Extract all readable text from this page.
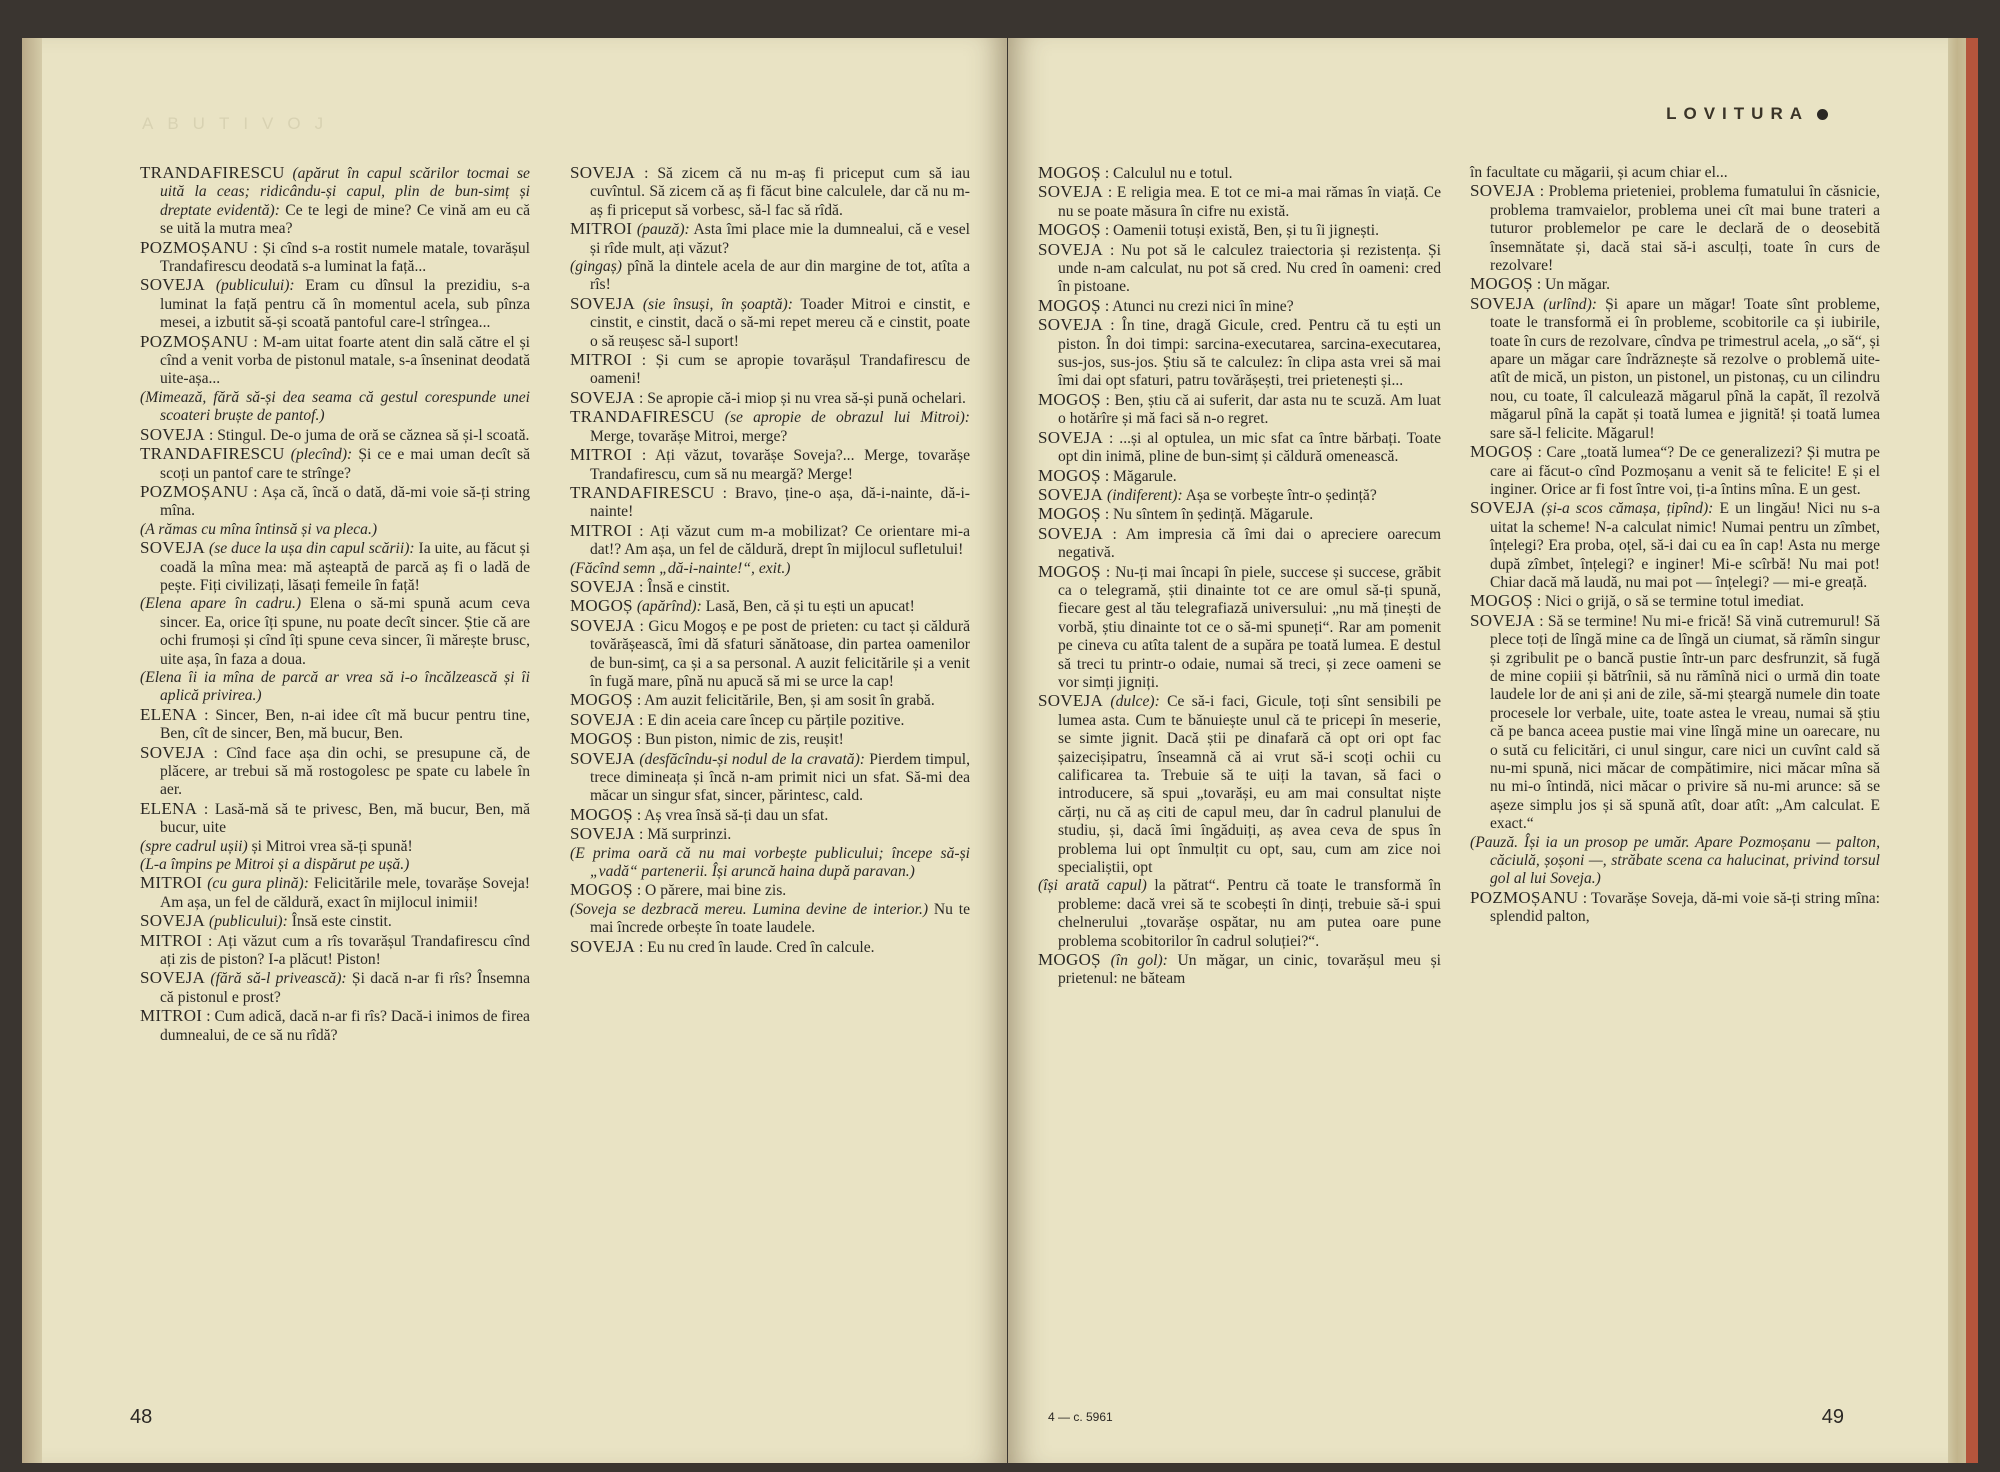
ABUTIVOJ

TRANDAFIRESCU (apărut în capul scărilor tocmai se uită la ceas; ridicându-și capul, plin de bun-simț și dreptate evidentă): Ce te legi de mine? Ce vină am eu că se uită la mutra mea?

POZMOȘANU : Și cînd s-a rostit numele matale, tovarășul Trandafirescu deodată s-a luminat la față...

SOVEJA (publicului): Eram cu dînsul la prezidiu, s-a luminat la față pentru că în momentul acela, sub pînza mesei, a izbutit să-și scoată pantoful care-l strîngea...

POZMOȘANU : M-am uitat foarte atent din sală către el și cînd a venit vorba de pistonul matale, s-a înseninat deodată uite-așa...

(Mimează, fără să-și dea seama că gestul corespunde unei scoateri bruște de pantof.)

SOVEJA : Stingul. De-o juma de oră se căznea să și-l scoată.

TRANDAFIRESCU (plecînd): Și ce e mai uman decît să scoți un pantof care te strînge?

POZMOȘANU : Așa că, încă o dată, dă-mi voie să-ți string mîna.

(A rămas cu mîna întinsă și va pleca.)

SOVEJA (se duce la ușa din capul scării): Ia uite, au făcut și coadă la mîna mea: mă așteaptă de parcă aș fi o ladă de pește. Fiți civilizați, lăsați femeile în față!

(Elena apare în cadru.) Elena o să-mi spună acum ceva sincer. Ea, orice îți spune, nu poate decît sincer. Știe că are ochi frumoși și cînd îți spune ceva sincer, îi mărește brusc, uite așa, în faza a doua.

(Elena îi ia mîna de parcă ar vrea să i-o încălzească și îi aplică privirea.)

ELENA : Sincer, Ben, n-ai idee cît mă bucur pentru tine, Ben, cît de sincer, Ben, mă bucur, Ben.

SOVEJA : Cînd face așa din ochi, se presupune că, de plăcere, ar trebui să mă rostogolesc pe spate cu labele în aer.

ELENA : Lasă-mă să te privesc, Ben, mă bucur, Ben, mă bucur, uite

(spre cadrul ușii) și Mitroi vrea să-ți spună!

(L-a împins pe Mitroi și a dispărut pe ușă.)

MITROI (cu gura plină): Felicitările mele, tovarășe Soveja! Am așa, un fel de căldură, exact în mijlocul inimii!

SOVEJA (publicului): Însă este cinstit.

MITROI : Ați văzut cum a rîs tovarășul Trandafirescu cînd ați zis de piston? I-a plăcut! Piston!

SOVEJA (fără să-l privească): Și dacă n-ar fi rîs? Însemna că pistonul e prost?

MITROI : Cum adică, dacă n-ar fi rîs? Dacă-i inimos de firea dumnealui, de ce să nu rîdă?

SOVEJA : Să zicem că nu m-aș fi priceput cum să iau cuvîntul. Să zicem că aș fi făcut bine calculele, dar că nu m-aș fi priceput să vorbesc, să-l fac să rîdă.

MITROI (pauză): Asta îmi place mie la dumnealui, că e vesel și rîde mult, ați văzut?

(gingaș) pînă la dintele acela de aur din margine de tot, atîta a rîs!

SOVEJA (sie însuși, în șoaptă): Toader Mitroi e cinstit, e cinstit, e cinstit, dacă o să-mi repet mereu că e cinstit, poate o să reușesc să-l suport!

MITROI : Și cum se apropie tovarășul Trandafirescu de oameni!

SOVEJA : Se apropie că-i miop și nu vrea să-și pună ochelari.

TRANDAFIRESCU (se apropie de obrazul lui Mitroi): Merge, tovarășe Mitroi, merge?

MITROI : Ați văzut, tovarășe Soveja?... Merge, tovarășe Trandafirescu, cum să nu meargă? Merge!

TRANDAFIRESCU : Bravo, ține-o așa, dă-i-nainte, dă-i-nainte!

MITROI : Ați văzut cum m-a mobilizat? Ce orientare mi-a dat!? Am așa, un fel de căldură, drept în mijlocul sufletului!

(Făcînd semn „dă-i-nainte!“, exit.)

SOVEJA : Însă e cinstit.

MOGOȘ (apărînd): Lasă, Ben, că și tu ești un apucat!

SOVEJA : Gicu Mogoș e pe post de prieten: cu tact și căldură tovărășească, îmi dă sfaturi sănătoase, din partea oamenilor de bun-simț, ca și a sa personal. A auzit felicitările și a venit în fugă mare, pînă nu apucă să mi se urce la cap!

MOGOȘ : Am auzit felicitările, Ben, și am sosit în grabă.

SOVEJA : E din aceia care încep cu părțile pozitive.

MOGOȘ : Bun piston, nimic de zis, reușit!

SOVEJA (desfăcîndu-și nodul de la cravată): Pierdem timpul, trece dimineața și încă n-am primit nici un sfat. Să-mi dea măcar un singur sfat, sincer, părintesc, cald.

MOGOȘ : Aș vrea însă să-ți dau un sfat.

SOVEJA : Mă surprinzi.

(E prima oară că nu mai vorbește publicului; începe să-și „vadă“ partenerii. Își aruncă haina după paravan.)

MOGOȘ : O părere, mai bine zis.

(Soveja se dezbracă mereu. Lumina devine de interior.) Nu te mai încrede orbește în toate laudele.

SOVEJA : Eu nu cred în laude. Cred în calcule.

48
LOVITURA

MOGOȘ : Calculul nu e totul.

SOVEJA : E religia mea. E tot ce mi-a mai rămas în viață. Ce nu se poate măsura în cifre nu există.

MOGOȘ : Oamenii totuși există, Ben, și tu îi jignești.

SOVEJA : Nu pot să le calculez traiectoria și rezistența. Și unde n-am calculat, nu pot să cred. Nu cred în oameni: cred în pistoane.

MOGOȘ : Atunci nu crezi nici în mine?

SOVEJA : În tine, dragă Gicule, cred. Pentru că tu ești un piston. În doi timpi: sarcina-executarea, sarcina-executarea, sus-jos, sus-jos. Știu să te calculez: în clipa asta vrei să mai îmi dai opt sfaturi, patru tovărășești, trei prietenești și...

MOGOȘ : Ben, știu că ai suferit, dar asta nu te scuză. Am luat o hotărîre și mă faci să n-o regret.

SOVEJA : ...și al optulea, un mic sfat ca între bărbați. Toate opt din inimă, pline de bun-simț și căldură omenească.

MOGOȘ : Măgarule.

SOVEJA (indiferent): Așa se vorbește într-o ședință?

MOGOȘ : Nu sîntem în ședință. Măgarule.

SOVEJA : Am impresia că îmi dai o apreciere oarecum negativă.

MOGOȘ : Nu-ți mai încapi în piele, succese și succese, grăbit ca o telegramă, știi dinainte tot ce are omul să-ți spună, fiecare gest al tău telegrafiază universului: „nu mă ținești de vorbă, știu dinainte tot ce o să-mi spuneți“. Rar am pomenit pe cineva cu atîta talent de a supăra pe toată lumea. E destul să treci tu printr-o odaie, numai să treci, și zece oameni se vor simți jigniți.

SOVEJA (dulce): Ce să-i faci, Gicule, toți sînt sensibili pe lumea asta. Cum te bănuiește unul că te pricepi în meserie, se simte jignit. Dacă știi pe dinafară că opt ori opt fac șaizecișipatru, înseamnă că ai vrut să-i scoți ochii cu calificarea ta. Trebuie să te uiți la tavan, să faci o introducere, să spui „tovarăși, eu am mai consultat niște cărți, nu că aș citi de capul meu, dar în cadrul planului de studiu, și, dacă îmi îngăduiți, aș avea ceva de spus în problema lui opt înmulțit cu opt, sau, cum am zice noi specialiștii, opt

(își arată capul) la pătrat“. Pentru că toate le transformă în probleme: dacă vrei să te scobești în dinți, trebuie să-i spui chelnerului „tovarășe ospătar, nu am putea oare pune problema scobitorilor în cadrul soluției?“.

MOGOȘ (în gol): Un măgar, un cinic, tovarășul meu și prietenul: ne băteam

în facultate cu măgarii, și acum chiar el...

SOVEJA : Problema prieteniei, problema fumatului în căsnicie, problema tramvaielor, problema unei cît mai bune trateri a tuturor problemelor pe care le declară de o deosebită însemnătate și, dacă stai să-i asculți, toate în curs de rezolvare!

MOGOȘ : Un măgar.

SOVEJA (urlînd): Și apare un măgar! Toate sînt probleme, toate le transformă ei în probleme, scobitorile ca și iubirile, toate în curs de rezolvare, cîndva pe trimestrul acela, „o să“, și apare un măgar care îndrăznește să rezolve o problemă uite-atît de mică, un piston, un pistonel, un pistonaș, cu un cilindru nou, cu toate, îl calculează măgarul pînă la capăt, îl rezolvă măgarul pînă la capăt și toată lumea e jignită! și toată lumea sare să-l felicite. Măgarul!

MOGOȘ : Care „toată lumea“? De ce generalizezi? Și mutra pe care ai făcut-o cînd Pozmoșanu a venit să te felicite! E și el inginer. Orice ar fi fost între voi, ți-a întins mîna. E un gest.

SOVEJA (și-a scos cămașa, țipînd): E un lingău! Nici nu s-a uitat la scheme! N-a calculat nimic! Numai pentru un zîmbet, înțelegi? Era proba, oțel, să-i dai cu ea în cap! Asta nu merge după zîmbet, înțelegi? e inginer! Mi-e scîrbă! Nu mai pot! Chiar dacă mă laudă, nu mai pot — înțelegi? — mi-e greață.

MOGOȘ : Nici o grijă, o să se termine totul imediat.

SOVEJA : Să se termine! Nu mi-e frică! Să vină cutremurul! Să plece toți de lîngă mine ca de lîngă un ciumat, să rămîn singur și zgribulit pe o bancă pustie într-un parc desfrunzit, să fugă de mine copiii și bătrînii, să nu rămînă nici o urmă din toate laudele lor de ani și ani de zile, să-mi șteargă numele din toate procesele lor verbale, uite, toate astea le vreau, numai să știu că pe banca aceea pustie mai vine lîngă mine un oarecare, nu o sută cu felicitări, ci unul singur, care nici un cuvînt cald să nu-mi spună, nici măcar de compătimire, nici măcar mîna să nu mi-o întindă, nici măcar o privire să nu-mi arunce: să se așeze simplu jos și să spună atît, doar atît: „Am calculat. E exact.“

(Pauză. Își ia un prosop pe umăr. Apare Pozmoșanu — palton, căciulă, șoșoni —, străbate scena ca halucinat, privind torsul gol al lui Soveja.)

POZMOȘANU : Tovarășe Soveja, dă-mi voie să-ți string mîna: splendid palton,

4 — c. 5961	49
